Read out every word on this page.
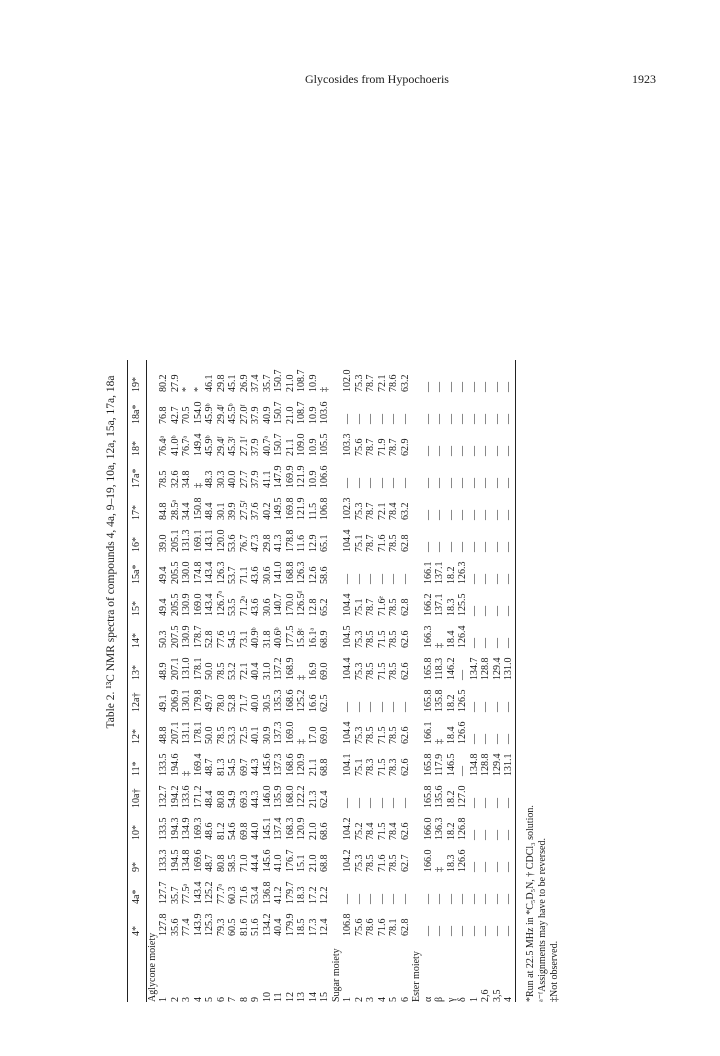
Glycosides from Hypochoeris	1923
Table 2. ¹³C NMR spectra of compounds 4, 4a, 9–19, 10a, 12a, 15a, 17a, 18a
	4*	4a*	9*	10*	10a†	11*	12*	12a†	13*	14*	15*	15a*	16*	17*	17a*	18*	18a*	19*
Aglycone moiety																		
1	127.8	127.7	133.3	133.5	132.7	133.5	48.8	49.1	48.9	50.3	49.4	49.4	39.0	84.8	78.5	76.4ᵃ	76.8	80.2
2	35.6	35.7	194.5	194.3	194.2	194.6	207.1	206.9	207.1	207.5	205.5	205.5	205.1	28.5ᵃ	32.6	41.0ᵇ	42.7	27.9
3	77.4	77.5ᵃ	134.8	134.9	133.6	‡	131.1	130.1	131.0	130.9	130.9	130.0	131.3	34.4	34.8	76.7ᵃ	70.5	*
4	143.9	143.4	169.6	169.3	171.2	169.4	178.1	179.8	178.1	178.7	169.0	174.8	169.1	150.8	‡	149.4	154.0	*
5	125.3	125.2	48.7	48.6	48.4	48.7	50.0	49.7	50.0	52.8	143.4	143.4	143.1	48.4	48.3	45.9ᵇ	45.9ᵇ	46.1
6	79.3	77.7ᵃ	80.8	81.2	80.8	81.3	78.5	78.0	78.5	77.6	126.7ᵃ	126.3	120.0	30.1	30.3	29.4ᶠ	29.4ᶠ	29.8
7	60.5	60.3	58.5	54.6	54.9	54.5	53.3	52.8	53.2	54.5	53.5	53.7	53.6	39.9	40.0	45.3ᶠ	45.5ᵇ	45.1
8	81.6	71.6	71.0	69.8	69.3	69.7	72.5	71.7	72.1	73.1	71.2ᵃ	71.1	76.7	27.5ᶠ	27.7	27.1ᶠ	27.0ᶠ	26.9
9	51.6	53.4	44.4	44.0	44.3	44.3	40.1	40.0	40.4	40.9ᵇ	43.6	43.6	47.3	37.6	37.9	37.9	37.9	37.4
10	134.2	136.8	145.6	145.1	146.0	145.6	30.9	30.5	31.0	31.8	30.6	30.6	29.8	40.2	41.1	40.7ᵃ	40.9	35.7
11	40.4	41.2	41.0	137.4	135.9	137.3	137.3	135.3	137.2	40.6ᵇ	140.7	141.0	41.3	149.5	147.9	150.7	150.7	150.7
12	179.9	179.7	176.7	168.3	168.0	168.6	169.0	168.6	168.9	177.5	170.0	168.8	178.8	169.8	169.9	21.1	21.0	21.0
13	18.5	18.3	15.1	120.9	122.2	120.9	‡	125.2	‡	15.8ᶜ	126.5ᵈ	126.3	11.6	121.9	121.9	109.0	108.7	108.7
14	17.3	17.2	21.0	21.0	21.3	21.1	17.0	16.6	16.9	16.1ᵃ	12.8	12.6	12.9	11.5	10.9	10.9	10.9	10.9
15	12.4	12.2	68.8	68.6	62.4	68.8	69.0	62.5	69.0	68.9	65.2	58.6	65.1	106.8	106.6	105.5	103.6	‡
Sugar moiety																		
1	106.8	—	104.2	104.2	—	104.1	104.4	—	104.4	104.5	104.4	—	104.4	102.3	—	103.3	—	102.0
2	75.6	—	75.3	75.2	—	75.1	75.3	—	75.3	75.3	75.1	—	75.1	75.3	—	75.6	—	75.3
3	78.6	—	78.5	78.4	—	78.3	78.5	—	78.5	78.5	78.7	—	78.7	78.7	—	78.7	—	78.7
4	71.6	—	71.6	71.5	—	71.5	71.5	—	71.5	71.5	71.6ᵉ	—	71.6	72.1	—	71.9	—	72.1
5	78.1	—	78.5	78.4	—	78.3	78.5	—	78.5	78.5	78.5	—	78.5	78.4	—	78.7	—	78.6
6	62.8	—	62.7	62.6	—	62.6	62.6	—	62.6	62.6	62.8	—	62.8	63.2	—	62.9	—	63.2
Ester moiety																		
α	—	—	166.0	166.0	165.8	165.8	166.1	165.8	165.8	166.3	166.2	166.1	—	—	—	—	—	—
β	—	—	‡	136.3	135.6	117.9	‡	135.8	118.3	‡	137.1	137.1	—	—	—	—	—	—
γ	—	—	18.3	18.2	18.2	146.5	18.4	18.2	146.2	18.4	18.3	18.2	—	—	—	—	—	—
δ	—	—	126.6	126.8	127.0	—	126.6	126.5	—	126.4	125.5	126.3	—	—	—	—	—	—
1	—	—	—	—	—	134.8	—	—	134.7	—	—	—	—	—	—	—	—	—
2,6	—	—	—	—	—	128.8	—	—	128.8	—	—	—	—	—	—	—	—	—
3,5	—	—	—	—	—	129.4	—	—	129.4	—	—	—	—	—	—	—	—	—
4	—	—	—	—	—	131.1	—	—	131.0	—	—	—	—	—	—	—	—	—
*Run at 22.5 MHz in *C₅D₅N, † CDCl₃ solution. ᵃ⁻ᶠAssignments may have to be reversed. ‡Not observed.
